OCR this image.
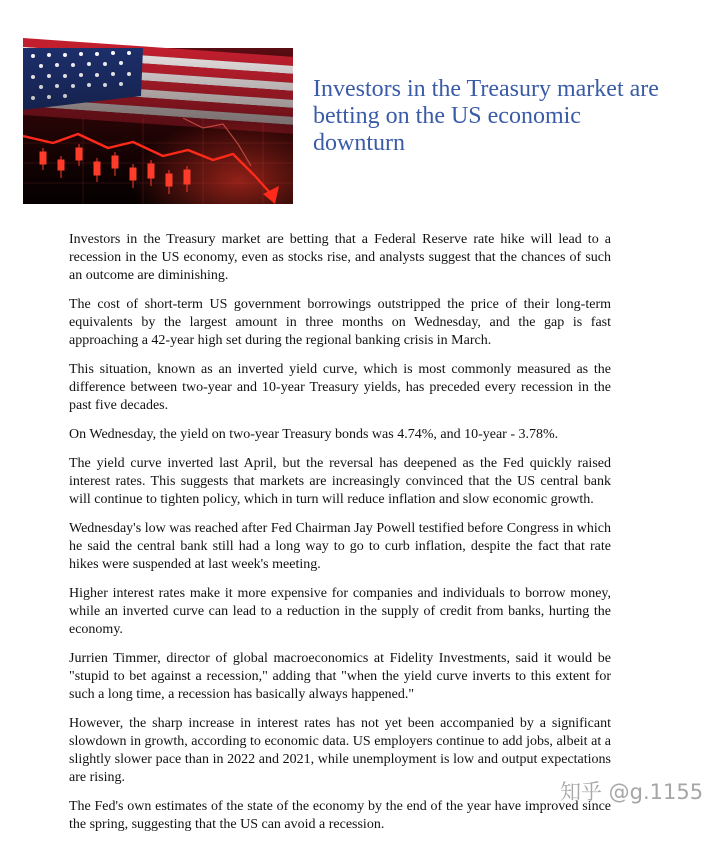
Investors in the Treasury market are betting on the US economic downturn

Investors in the Treasury market are betting that a Federal Reserve rate hike will lead to a recession in the US economy, even as stocks rise, and analysts suggest that the chances of such an outcome are diminishing.

The cost of short-term US government borrowings outstripped the price of their long-term equivalents by the largest amount in three months on Wednesday, and the gap is fast approaching a 42-year high set during the regional banking crisis in March.

This situation, known as an inverted yield curve, which is most commonly measured as the difference between two-year and 10-year Treasury yields, has preceded every recession in the past five decades.

On Wednesday, the yield on two-year Treasury bonds was 4.74%, and 10-year - 3.78%.

The yield curve inverted last April, but the reversal has deepened as the Fed quickly raised interest rates. This suggests that markets are increasingly convinced that the US central bank will continue to tighten policy, which in turn will reduce inflation and slow economic growth.

Wednesday's low was reached after Fed Chairman Jay Powell testified before Congress in which he said the central bank still had a long way to go to curb inflation, despite the fact that rate hikes were suspended at last week's meeting.

Higher interest rates make it more expensive for companies and individuals to borrow money, while an inverted curve can lead to a reduction in the supply of credit from banks, hurting the economy.

Jurrien Timmer, director of global macroeconomics at Fidelity Investments, said it would be "stupid to bet against a recession," adding that "when the yield curve inverts to this extent for such a long time, a recession has basically always happened."

However, the sharp increase in interest rates has not yet been accompanied by a significant slowdown in growth, according to economic data. US employers continue to add jobs, albeit at a slightly slower pace than in 2022 and 2021, while unemployment is low and output expectations are rising.

The Fed's own estimates of the state of the economy by the end of the year have improved since the spring, suggesting that the US can avoid a recession.

知乎 @g.1155
